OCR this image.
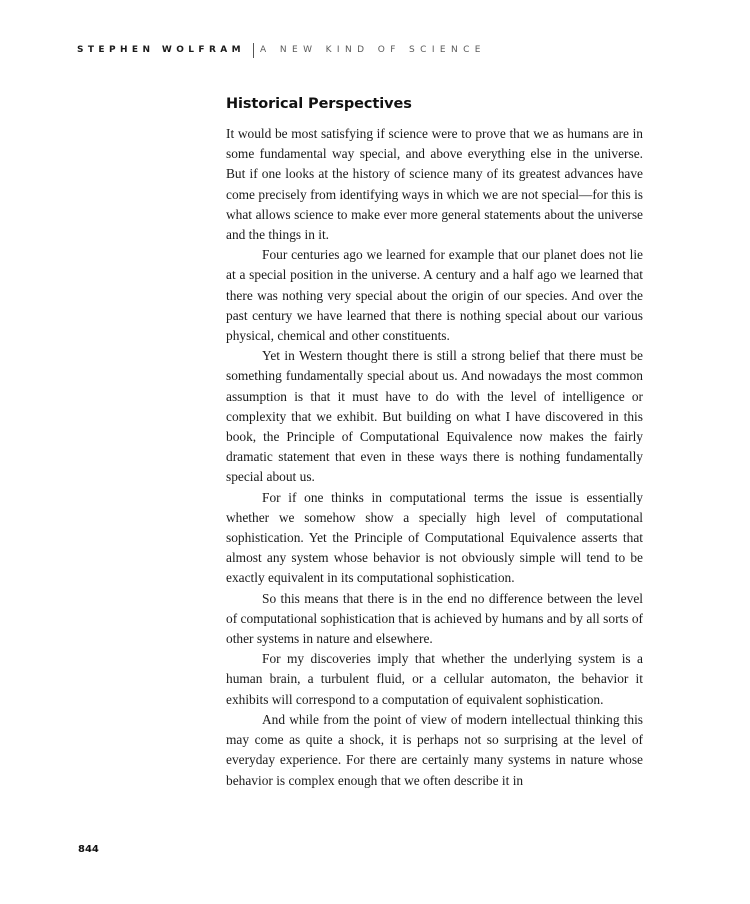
STEPHEN WOLFRAM A NEW KIND OF SCIENCE
Historical Perspectives

It would be most satisfying if science were to prove that we as humans are in some fundamental way special, and above everything else in the universe. But if one looks at the history of science many of its greatest advances have come precisely from identifying ways in which we are not special—for this is what allows science to make ever more general statements about the universe and the things in it.

Four centuries ago we learned for example that our planet does not lie at a special position in the universe. A century and a half ago we learned that there was nothing very special about the origin of our species. And over the past century we have learned that there is nothing special about our various physical, chemical and other constituents.

Yet in Western thought there is still a strong belief that there must be something fundamentally special about us. And nowadays the most common assumption is that it must have to do with the level of intelligence or complexity that we exhibit. But building on what I have discovered in this book, the Principle of Computational Equivalence now makes the fairly dramatic statement that even in these ways there is nothing fundamentally special about us.

For if one thinks in computational terms the issue is essentially whether we somehow show a specially high level of computational sophistication. Yet the Principle of Computational Equivalence asserts that almost any system whose behavior is not obviously simple will tend to be exactly equivalent in its computational sophistication.

So this means that there is in the end no difference between the level of computational sophistication that is achieved by humans and by all sorts of other systems in nature and elsewhere.

For my discoveries imply that whether the underlying system is a human brain, a turbulent fluid, or a cellular automaton, the behavior it exhibits will correspond to a computation of equivalent sophistication.

And while from the point of view of modern intellectual thinking this may come as quite a shock, it is perhaps not so surprising at the level of everyday experience. For there are certainly many systems in nature whose behavior is complex enough that we often describe it in

844
